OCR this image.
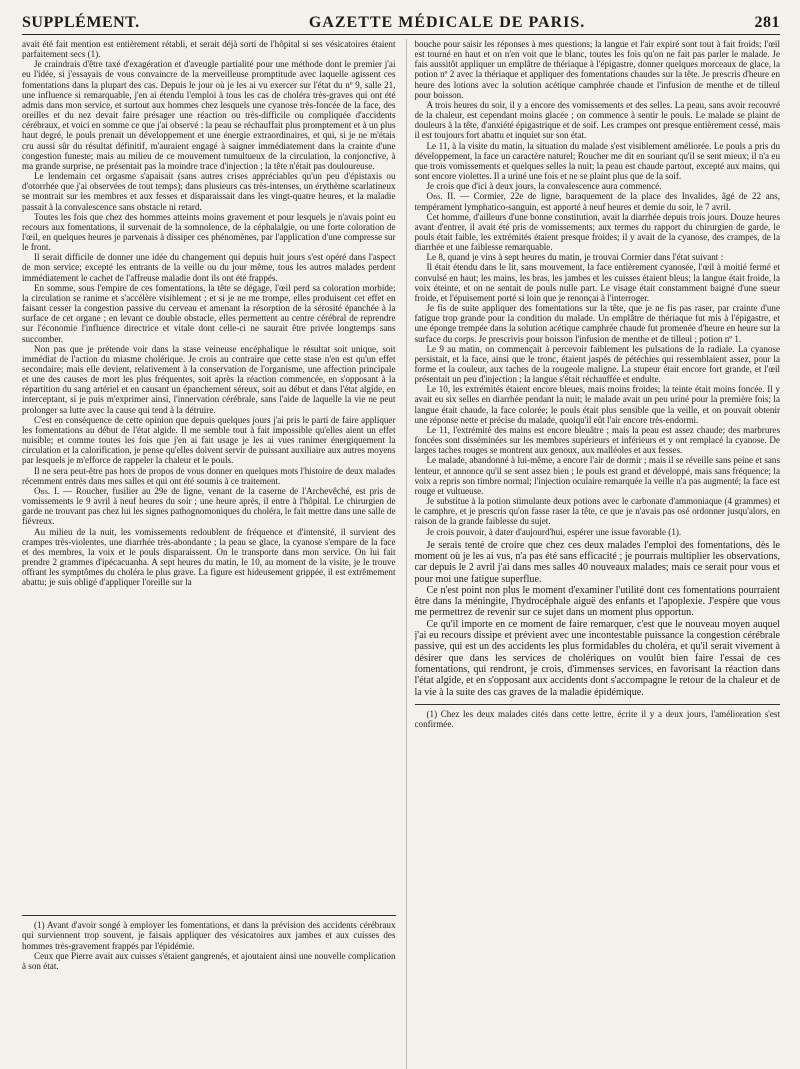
SUPPLÉMENT.	GAZETTE MÉDICALE DE PARIS.	281

avait été fait mention est entièrement rétabli, et serait déjà sorti de l'hôpital si ses vésicatoires étaient parfaitement secs (1).

Je craindrais d'être taxé d'exagération et d'aveugle partialité pour une méthode dont le premier j'ai eu l'idée, si j'essayais de vous convaincre de la merveilleuse promptitude avec laquelle agissent ces fomentations dans la plupart des cas. Depuis le jour où je les ai vu exercer sur l'état du nº 9, salle 21, une influence si remarquable, j'en ai étendu l'emploi à tous les cas de choléra très-graves qui ont été admis dans mon service, et surtout aux hommes chez lesquels une cyanose très-foncée de la face, des oreilles et du nez devait faire présager une réaction ou très-difficile ou compliquée d'accidents cérébraux, et voici en somme ce que j'ai observé : la peau se réchauffait plus promptement et à un plus haut degré, le pouls prenait un développement et une énergie extraordinaires, et qui, si je ne m'étais cru aussi sûr du résultat définitif, m'auraient engagé à saigner immédiatement dans la crainte d'une congestion funeste; mais au milieu de ce mouvement tumultueux de la circulation, la conjonctive, à ma grande surprise, ne présentait pas la moindre trace d'injection ; la tête n'était pas douloureuse.

Le lendemain cet orgasme s'apaisait (sans autres crises appréciables qu'un peu d'épistaxis ou d'otorrhée que j'ai observées de tout temps); dans plusieurs cas très-intenses, un érythème scarlatineux se montrait sur les membres et aux fesses et disparaissait dans les vingt-quatre heures, et la maladie passait à la convalescence sans obstacle ni retard.

Toutes les fois que chez des hommes atteints moins gravement et pour lesquels je n'avais point eu recours aux fomentations, il survenait de la somnolence, de la céphalalgie, ou une forte coloration de l'œil, en quelques heures je parvenais à dissiper ces phénomènes, par l'application d'une compresse sur le front.

Il serait difficile de donner une idée du changement qui depuis huit jours s'est opéré dans l'aspect de mon service; excepté les entrants de la veille ou du jour même, tous les autres malades perdent immédiatement le cachet de l'affreuse maladie dont ils ont été frappés.

En somme, sous l'empire de ces fomentations, la tête se dégage, l'œil perd sa coloration morbide; la circulation se ranime et s'accélère visiblement ; et si je ne me trompe, elles produisent cet effet en faisant cesser la congestion passive du cerveau et amenant la résorption de la sérosité épanchée à la surface de cet organe ; en levant ce double obstacle, elles permettent au centre cérébral de reprendre sur l'économie l'influence directrice et vitale dont celle-ci ne saurait être privée longtemps sans succomber.

Non pas que je prétende voir dans la stase veineuse encéphalique le résultat soit unique, soit immédiat de l'action du miasme cholérique. Je crois au contraire que cette stase n'en est qu'un effet secondaire; mais elle devient, relativement à la conservation de l'organisme, une affection principale et une des causes de mort les plus fréquentes, soit après la réaction commencée, en s'opposant à la répartition du sang artériel et en causant un épanchement séreux, soit au début et dans l'état algide, en interceptant, si je puis m'exprimer ainsi, l'innervation cérébrale, sans l'aide de laquelle la vie ne peut prolonger sa lutte avec la cause qui tend à la détruire.

C'est en conséquence de cette opinion que depuis quelques jours j'ai pris le parti de faire appliquer les fomentations au début de l'état algide. Il me semble tout à fait impossible qu'elles aient un effet nuisible; et comme toutes les fois que j'en ai fait usage je les ai vues ranimer énergiquement la circulation et la calorification, je pense qu'elles doivent servir de puissant auxiliaire aux autres moyens par lesquels je m'efforce de rappeler la chaleur et le pouls.

Il ne sera peut-être pas hors de propos de vous donner en quelques mots l'histoire de deux malades récemment entrés dans mes salles et qui ont été soumis à ce traitement.

Obs. I. — Roucher, fusilier au 29e de ligne, venant de la caserne de l'Archevêché, est pris de vomissements le 9 avril à neuf heures du soir ; une heure après, il entre à l'hôpital. Le chirurgien de garde ne trouvant pas chez lui les signes pathognomoniques du choléra, le fait mettre dans une salle de fiévreux.

Au milieu de la nuit, les vomissements redoublent de fréquence et d'intensité, il survient des crampes très-violentes, une diarrhée très-abondante ; la peau se glace, la cyanose s'empare de la face et des membres, la voix et le pouls disparaissent. On le transporte dans mon service. On lui fait prendre 2 grammes d'ipécacuanha. A sept heures du matin, le 10, au moment de la visite, je le trouve offrant les symptômes du choléra le plus grave. La figure est hideusement grippée, il est extrêmement abattu; je suis obligé d'appliquer l'oreille sur la

(1) Avant d'avoir songé à employer les fomentations, et dans la prévision des accidents cérébraux qui surviennent trop souvent, je faisais appliquer des vésicatoires aux jambes et aux cuisses des hommes très-gravement frappés par l'épidémie.

Ceux que Pierre avait aux cuisses s'étaient gangrenés, et ajoutaient ainsi une nouvelle complication à son état.

bouche pour saisir les réponses à mes questions; la langue et l'air expiré sont tout à fait froids; l'œil est tourné en haut et on n'en voit que le blanc, toutes les fois qu'on ne fait pas parler le malade. Je fais aussitôt appliquer un emplâtre de thériaque à l'épigastre, donner quelques morceaux de glace, la potion nº 2 avec la thériaque et appliquer des fomentations chaudes sur la tête. Je prescris d'heure en heure des lotions avec la solution acétique camphrée chaude et l'infusion de menthe et de tilleul pour boisson.

A trois heures du soir, il y a encore des vomissements et des selles. La peau, sans avoir recouvré de la chaleur, est cependant moins glacée ; on commence à sentir le pouls. Le malade se plaint de douleurs à la tête, d'anxiété épigastrique et de soif. Les crampes ont presque entièrement cessé, mais il est toujours fort abattu et inquiet sur son état.

Le 11, à la visite du matin, la situation du malade s'est visiblement améliorée. Le pouls a pris du développement, la face un caractère naturel; Roucher me dit en souriant qu'il se sent mieux; il n'a eu que trois vomissements et quelques selles la nuit; la peau est chaude partout, excepté aux mains, qui sont encore violettes. Il a uriné une fois et ne se plaint plus que de la soif.

Je crois que d'ici à deux jours, la convalescence aura commencé.

Obs. II. — Cormier, 22e de ligne, baraquement de la place des Invalides, âgé de 22 ans, tempérament lymphatico-sanguin, est apporté à neuf heures et demie du soir, le 7 avril.

Cet homme, d'ailleurs d'une bonne constitution, avait la diarrhée depuis trois jours. Douze heures avant d'entrer, il avait été pris de vomissements; aux termes du rapport du chirurgien de garde, le pouls était faible, les extrémités étaient presque froides; il y avait de la cyanose, des crampes, de la diarrhée et une faiblesse remarquable.

Le 8, quand je vins à sept heures du matin, je trouvai Cormier dans l'état suivant :

Il était étendu dans le lit, sans mouvement, la face entièrement cyanosée, l'œil à moitié fermé et convulsé en haut; les mains, les bras, les jambes et les cuisses étaient bleus; la langue était froide, la voix éteinte, et on ne sentait de pouls nulle part. Le visage était constamment baigné d'une sueur froide, et l'épuisement porté si loin que je renonçai à l'interroger.

Je fis de suite appliquer des fomentations sur la tête, que je ne fis pas raser, par crainte d'une fatigue trop grande pour la condition du malade. Un emplâtre de thériaque fut mis à l'épigastre, et une éponge trempée dans la solution acétique camphrée chaude fut promenée d'heure en heure sur la surface du corps. Je prescrivis pour boisson l'infusion de menthe et de tilleul ; potion nº 1.

Le 9 au matin, on commençait à percevoir faiblement les pulsations de la radiale. La cyanose persistait, et la face, ainsi que le tronc, étaient jaspés de pétéchies qui ressemblaient assez, pour la forme et la couleur, aux taches de la rougeole maligne. La stupeur était encore fort grande, et l'œil présentait un peu d'injection ; la langue s'était réchauffée et endulte.

Le 10, les extrémités étaient encore bleues, mais moins froides; la teinte était moins foncée. Il y avait eu six selles en diarrhée pendant la nuit; le malade avait un peu uriné pour la première fois; la langue était chaude, la face colorée; le pouls était plus sensible que la veille, et on pouvait obtenir une réponse nette et précise du malade, quoiqu'il eût l'air encore très-endormi.

Le 11, l'extrémité des mains est encore bleuâtre ; mais la peau est assez chaude; des marbrures foncées sont disséminées sur les membres supérieurs et inférieurs et y ont remplacé la cyanose. De larges taches rouges se montrent aux genoux, aux malléoles et aux fesses.

Le malade, abandonné à lui-même, a encore l'air de dormir ; mais il se réveille sans peine et sans lenteur, et annonce qu'il se sent assez bien ; le pouls est grand et développé, mais sans fréquence; la voix a repris son timbre normal; l'injection oculaire remarquée la veille n'a pas augmenté; la face est rouge et vultueuse.

Je substitue à la potion stimulante deux potions avec le carbonate d'ammoniaque (4 grammes) et le camphre, et je prescris qu'on fasse raser la tête, ce que je n'avais pas osé ordonner jusqu'alors, en raison de la grande faiblesse du sujet.

Je crois pouvoir, à dater d'aujourd'hui, espérer une issue favorable (1).

Je serais tenté de croire que chez ces deux malades l'emploi des fomentations, dès le moment où je les ai vus, n'a pas été sans efficacité ; je pourrais multiplier les observations, car depuis le 2 avril j'ai dans mes salles 40 nouveaux malades; mais ce serait pour vous et pour moi une fatigue superflue.

Ce n'est point non plus le moment d'examiner l'utilité dont ces fomentations pourraient être dans la méningite, l'hydrocéphale aiguë des enfants et l'apoplexie. J'espère que vous me permettrez de revenir sur ce sujet dans un moment plus opportun.

Ce qu'il importe en ce moment de faire remarquer, c'est que le nouveau moyen auquel j'ai eu recours dissipe et prévient avec une incontestable puissance la congestion cérébrale passive, qui est un des accidents les plus formidables du choléra, et qu'il serait vivement à désirer que dans les services de cholériques on voulût bien faire l'essai de ces fomentations, qui rendront, je crois, d'immenses services, en favorisant la réaction dans l'état algide, et en s'opposant aux accidents dont s'accompagne le retour de la chaleur et de la vie à la suite des cas graves de la maladie épidémique.

(1) Chez les deux malades cités dans cette lettre, écrite il y a deux jours, l'amélioration s'est confirmée.
